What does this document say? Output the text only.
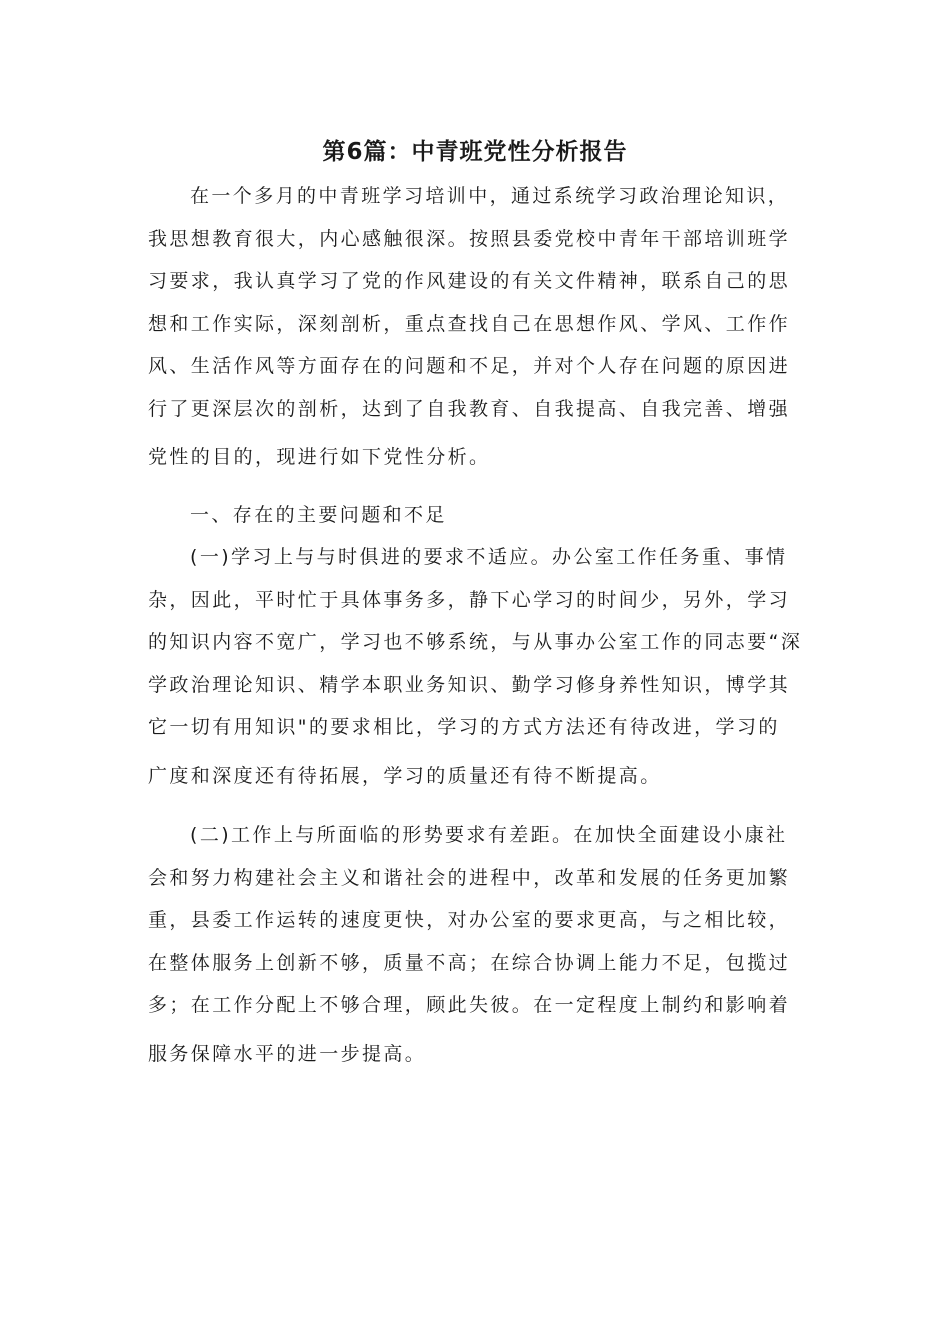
第6篇：中青班党性分析报告
在一个多月的中青班学习培训中，通过系统学习政治理论知识，
我思想教育很大，内心感触很深。按照县委党校中青年干部培训班学
习要求，我认真学习了党的作风建设的有关文件精神，联系自己的思
想和工作实际，深刻剖析，重点查找自己在思想作风、学风、工作作
风、生活作风等方面存在的问题和不足，并对个人存在问题的原因进
行了更深层次的剖析，达到了自我教育、自我提高、自我完善、增强
党性的目的，现进行如下党性分析。
一、存在的主要问题和不足
(一)学习上与与时俱进的要求不适应。办公室工作任务重、事情
杂，因此，平时忙于具体事务多，静下心学习的时间少，另外，学习
的知识内容不宽广，学习也不够系统，与从事办公室工作的同志要“深
学政治理论知识、精学本职业务知识、勤学习修身养性知识，博学其
它一切有用知识"的要求相比，学习的方式方法还有待改进，学习的
广度和深度还有待拓展，学习的质量还有待不断提高。
(二)工作上与所面临的形势要求有差距。在加快全面建设小康社
会和努力构建社会主义和谐社会的进程中，改革和发展的任务更加繁
重，县委工作运转的速度更快，对办公室的要求更高，与之相比较，
在整体服务上创新不够，质量不高；在综合协调上能力不足，包揽过
多；在工作分配上不够合理，顾此失彼。在一定程度上制约和影响着
服务保障水平的进一步提高。
